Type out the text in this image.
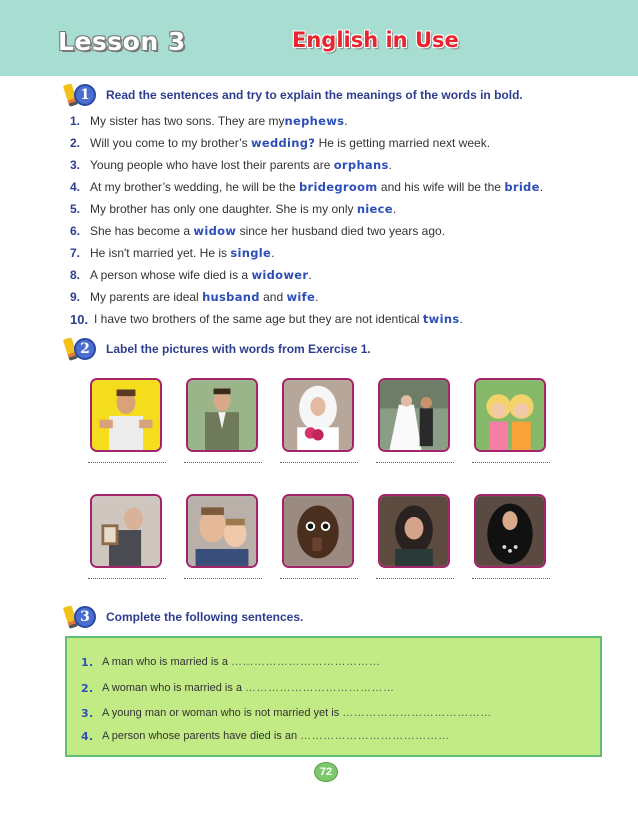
Lesson 3	English in Use
1	Read the sentences and try to explain the meanings of the words in bold.
1. My sister has two sons. They are my nephews .
2. Will you come to my brother’s wedding? He is getting married next week.
3. Young people who have lost their parents are orphans .
4. At my brother’s wedding, he will be the bridegroom and his wife will be the bride .
5. My brother has only one daughter. She is my only niece .
6. She has become a widow since her husband died two years ago.
7. He isn't married yet. He is single .
8. A person whose wife died is a widower .
9. My parents are ideal husband and wife .
10. I have two brothers of the same age but they are not identical twins .
2	Label the pictures with words from Exercise 1.
3	Complete the following sentences.
1. A man who is married is a …………………………………
2. A woman who is married is a …………………………………
3. A young man or woman who is not married yet is …………………………………
4. A person whose parents have died is an …………………………………
72
